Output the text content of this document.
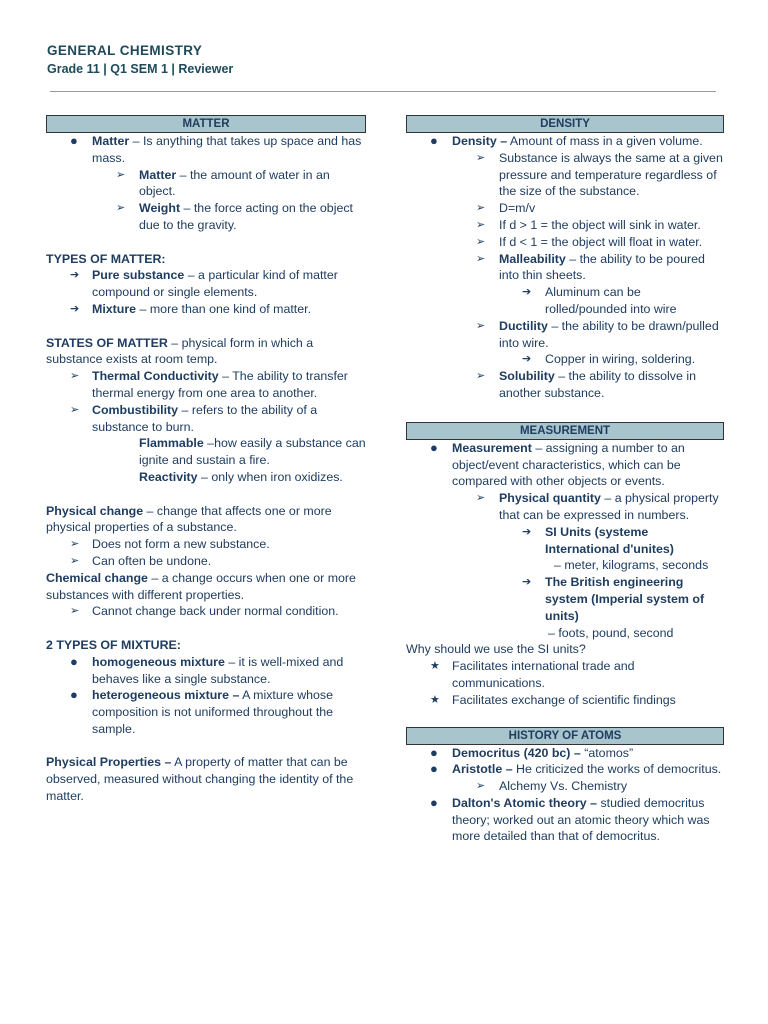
GENERAL CHEMISTRY
Grade 11 | Q1 SEM 1 | Reviewer
MATTER
● Matter – Is anything that takes up space and has mass.
➢ Matter – the amount of water in an object.
➢ Weight – the force acting on the object due to the gravity.
TYPES OF MATTER:
➔ Pure substance – a particular kind of matter compound or single elements.
➔ Mixture – more than one kind of matter.
STATES OF MATTER – physical form in which a substance exists at room temp.
➢ Thermal Conductivity – The ability to transfer thermal energy from one area to another.
➢ Combustibility – refers to the ability of a substance to burn.
Flammable –how easily a substance can ignite and sustain a fire.
Reactivity – only when iron oxidizes.
Physical change – change that affects one or more physical properties of a substance.
➢ Does not form a new substance.
➢ Can often be undone.
Chemical change – a change occurs when one or more substances with different properties.
➢ Cannot change back under normal condition.
2 TYPES OF MIXTURE:
● homogeneous mixture – it is well-mixed and behaves like a single substance.
● heterogeneous mixture – A mixture whose composition is not uniformed throughout the sample.
Physical Properties – A property of matter that can be observed, measured without changing the identity of the matter.
DENSITY
● Density – Amount of mass in a given volume.
➢ Substance is always the same at a given pressure and temperature regardless of the size of the substance.
➢ D=m/v
➢ If d > 1 = the object will sink in water.
➢ If d < 1 = the object will float in water.
➢ Malleability – the ability to be poured into thin sheets.
➔ Aluminum can be rolled/pounded into wire
➢ Ductility – the ability to be drawn/pulled into wire.
➔ Copper in wiring, soldering.
➢ Solubility – the ability to dissolve in another substance.
MEASUREMENT
● Measurement – assigning a number to an object/event characteristics, which can be compared with other objects or events.
➢ Physical quantity – a physical property that can be expressed in numbers.
➔ SI Units (systeme International d'unites)
– meter, kilograms, seconds
➔ The British engineering system (Imperial system of units)
– foots, pound, second
Why should we use the SI units?
★ Facilitates international trade and communications.
★ Facilitates exchange of scientific findings
HISTORY OF ATOMS
● Democritus (420 bc) – “atomos”
● Aristotle – He criticized the works of democritus.
➢ Alchemy Vs. Chemistry
● Dalton's Atomic theory – studied democritus theory; worked out an atomic theory which was more detailed than that of democritus.
